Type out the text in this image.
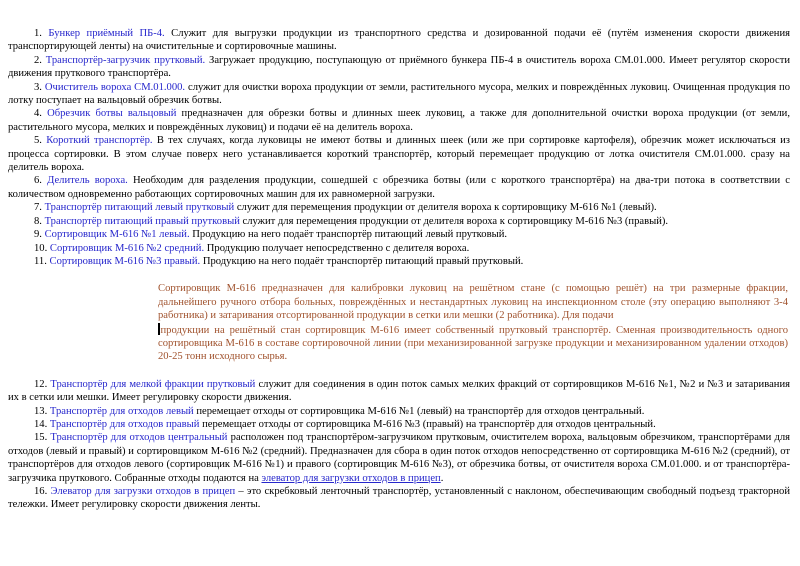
1. Бункер приёмный ПБ-4. Служит для выгрузки продукции из транспортного средства и дозированной подачи её (путём изменения скорости движения транспортирующей ленты) на очистительные и сортировочные машины.

2. Транспортёр-загрузчик прутковый. Загружает продукцию, поступающую от приёмного бункера ПБ-4 в очиститель вороха СМ.01.000. Имеет регулятор скорости движения пруткового транспортёра.

3. Очиститель вороха СМ.01.000. служит для очистки вороха продукции от земли, растительного мусора, мелких и повреждённых луковиц. Очищенная продукция по лотку поступает на вальцовый обрезчик ботвы.

4. Обрезчик ботвы вальцовый предназначен для обрезки ботвы и длинных шеек луковиц, а также для дополнительной очистки вороха продукции (от земли, растительного мусора, мелких и повреждённых луковиц) и подачи её на делитель вороха.

5. Короткий транспортёр. В тех случаях, когда луковицы не имеют ботвы и длинных шеек (или же при сортировке картофеля), обрезчик может исключаться из процесса сортировки. В этом случае поверх него устанавливается короткий транспортёр, который перемещает продукцию от лотка очистителя СМ.01.000. сразу на делитель вороха.

6. Делитель вороха. Необходим для разделения продукции, сошедшей с обрезчика ботвы (или с короткого транспортёра) на два-три потока в соответствии с количеством одновременно работающих сортировочных машин для их равномерной загрузки.

7. Транспортёр питающий левый прутковый служит для перемещения продукции от делителя вороха к сортировщику М-616 №1 (левый).

8. Транспортёр питающий правый прутковый служит для перемещения продукции от делителя вороха к сортировщику М-616 №3 (правый).

9. Сортировщик М-616 №1 левый. Продукцию на него подаёт транспортёр питающий левый прутковый.

10. Сортировщик М-616 №2 средний. Продукцию получает непосредственно с делителя вороха.

11. Сортировщик М-616 №3 правый. Продукцию на него подаёт транспортёр питающий правый прутковый.

Сортировщик М-616 предназначен для калибровки луковиц на решётном стане (с помощью решёт) на три размерные фракции, дальнейшего ручного отбора больных, повреждённых и нестандартных луковиц на инспекционном столе (эту операцию выполняют 3-4 работника) и затаривания отсортированной продукции в сетки или мешки (2 работника). Для подачи
продукции на решётный стан сортировщик М-616 имеет собственный прутковый транспортёр. Сменная производительность одного сортировщика М-616 в составе сортировочной линии (при механизированной загрузке продукции и механизированном удалении отходов) 20-25 тонн исходного сырья.

12. Транспортёр для мелкой фракции прутковый служит для соединения в один поток самых мелких фракций от сортировщиков М-616 №1, №2 и №3 и затаривания их в сетки или мешки. Имеет регулировку скорости движения.

13. Транспортёр для отходов левый перемещает отходы от сортировщика М-616 №1 (левый) на транспортёр для отходов центральный.

14. Транспортёр для отходов правый перемещает отходы от сортировщика М-616 №3 (правый) на транспортёр для отходов центральный.

15. Транспортёр для отходов центральный расположен под транспортёром-загрузчиком прутковым, очистителем вороха, вальцовым обрезчиком, транспортёрами для отходов (левый и правый) и сортировщиком М-616 №2 (средний). Предназначен для сбора в один поток отходов непосредственно от сортировщика М-616 №2 (средний), от транспортёров для отходов левого (сортировщик М-616 №1) и правого (сортировщик М-616 №3), от обрезчика ботвы, от очистителя вороха СМ.01.000. и от транспортёра-загрузчика пруткового. Собранные отходы подаются на элеватор для загрузки отходов в прицеп.

16. Элеватор для загрузки отходов в прицеп – это скребковый ленточный транспортёр, установленный с наклоном, обеспечивающим свободный подъезд тракторной тележки. Имеет регулировку скорости движения ленты.
